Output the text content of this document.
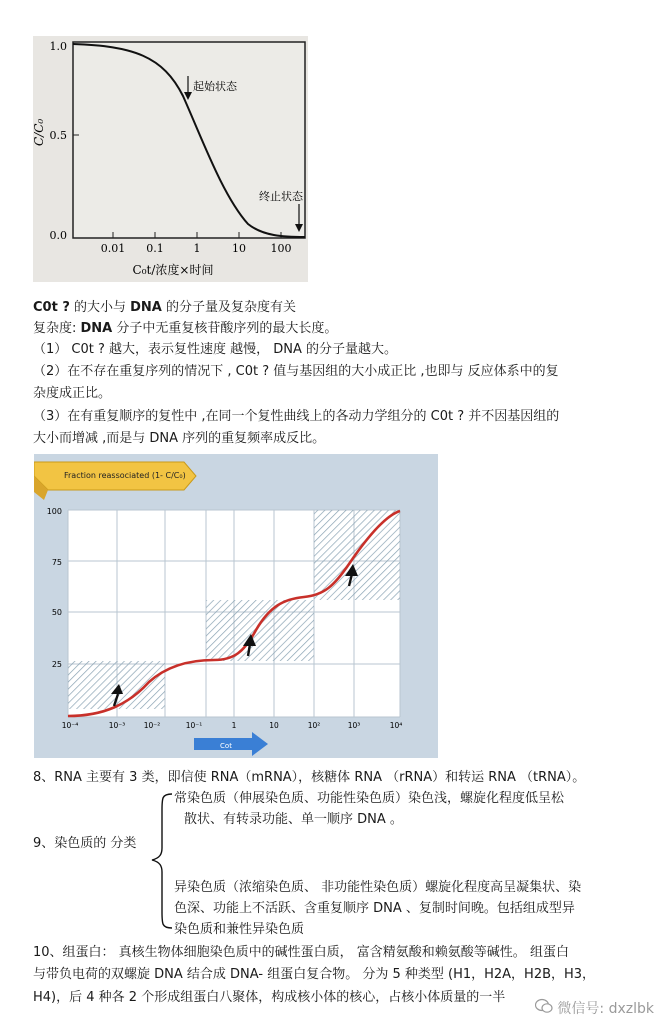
1.0
0.5
0.0
C/C₀
0.01 0.1	1	10 100
C₀t/浓度×时间
起始状态
终止状态
C0t ? 的大小与 DNA 的分子量及复杂度有关
复杂度: DNA 分子中无重复核苷酸序列的最大长度。
（1） C0t ? 越大，表示复性速度 越慢， DNA 的分子量越大。
（2）在不存在重复序列的情况下 , C0t ? 值与基因组的大小成正比 ,也即与 反应体系中的复
杂度成正比。
（3）在有重复顺序的复性中 ,在同一个复性曲线上的各动力学组分的 C0t ? 并不因基因组的
大小而增减 ,而是与 DNA 序列的重复频率成反比。
Fraction reassociated (1- C/C₀)
100
75
50
25
10⁻⁴	10⁻³ 10⁻²	10⁻¹	1	10	10²	10³	10⁴
Cot
8、RNA 主要有 3 类，即信使 RNA（mRNA），核糖体 RNA （rRNA）和转运 RNA （tRNA）。
常染色质（伸展染色质、功能性染色质）染色浅，螺旋化程度低呈松
散状、有转录功能、单一顺序 DNA 。
9、染色质的 分类
异染色质（浓缩染色质、 非功能性染色质）螺旋化程度高呈凝集状、染
色深、功能上不活跃、含重复顺序 DNA 、复制时间晚。包括组成型异
染色质和兼性异染色质
10、组蛋白： 真核生物体细胞染色质中的碱性蛋白质， 富含精氨酸和赖氨酸等碱性。 组蛋白
与带负电荷的双螺旋 DNA 结合成 DNA- 组蛋白复合物。 分为 5 种类型 (H1，H2A，H2B，H3，
H4)，后 4 种各 2 个形成组蛋白八聚体，构成核小体的核心，占核小体质量的一半
微信号: dxzlbk
